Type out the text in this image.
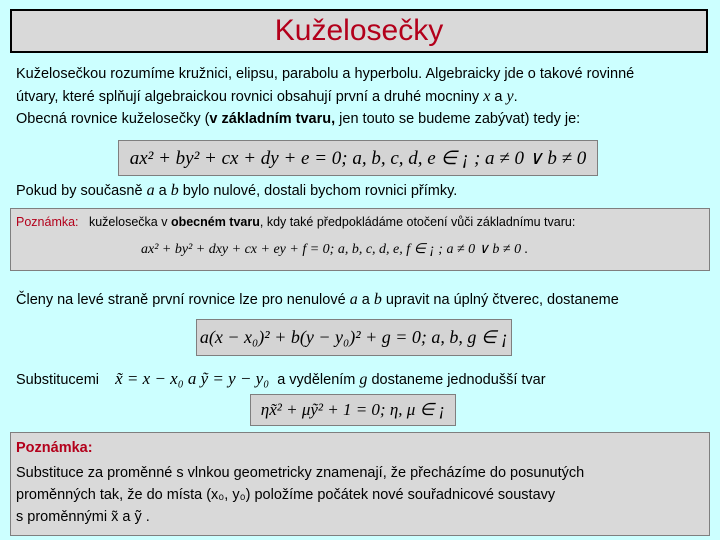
Kuželosečky
Kuželosečkou rozumíme kružnici, elipsu, parabolu a hyperbolu. Algebraicky jde o takové rovinné
útvary, které splňují algebraickou rovnici obsahují první a druhé mocniny x a y.
Obecná rovnice kuželosečky (v základním tvaru, jen touto se budeme zabývat) tedy je:
ax² + by² + cx + dy + e = 0; a, b, c, d, e ∈ ¡ ; a ≠ 0 ∨ b ≠ 0
Pokud by současně a a b bylo nulové, dostali bychom rovnici přímky.
Poznámka: kuželosečka v obecném tvaru, kdy také předpokládáme otočení vůči základnímu tvaru:
ax² + by² + dxy + cx + ey + f = 0; a, b, c, d, e, f ∈ ¡ ; a ≠ 0 ∨ b ≠ 0 .
Členy na levé straně první rovnice lze pro nenulové a a b upravit na úplný čtverec, dostaneme
a(x − x₀)² + b(y − y₀)² + g = 0; a, b, g ∈ ¡
Substitucemi x̃ = x − x₀ a ỹ = y − y₀ a vydělením g dostaneme jednodušší tvar
ηx̃² + μỹ² + 1 = 0; η, μ ∈ ¡
Poznámka:
Substituce za proměnné s vlnkou geometricky znamenají, že přecházíme do posunutých
proměnných tak, že do místa (x₀, y₀) položíme počátek nové souřadnicové soustavy
s proměnnými x̃ a ỹ .
